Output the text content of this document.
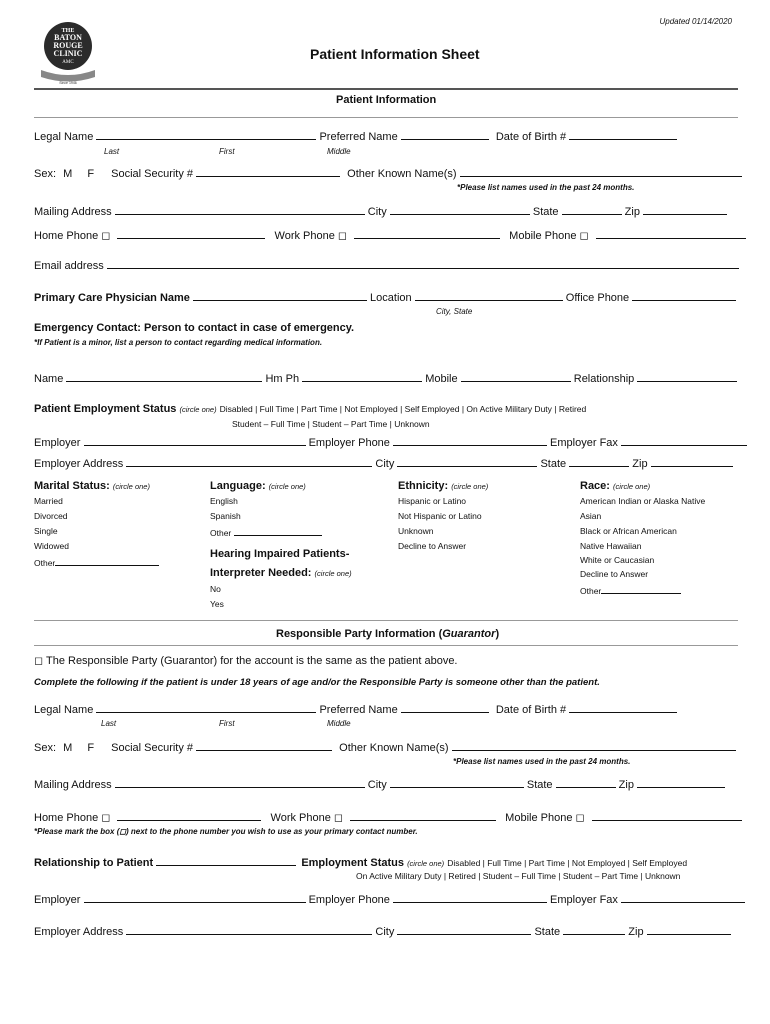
THE
BATON
ROUGE
CLINIC
AMC
Since 1946
Updated 01/14/2020
Patient Information Sheet
Patient Information
Legal Name	Preferred Name	Date of Birth #
Last	First	Middle
Sex: M F Social Security #	Other Known Name(s)
*Please list names used in the past 24 months.
Mailing Address	City	State	Zip
Home Phone ◻	Work Phone ◻	Mobile Phone ◻
Email address
Primary Care Physician Name	Location	Office Phone
City, State
Emergency Contact: Person to contact in case of emergency.
*If Patient is a minor, list a person to contact regarding medical information.
Name	Hm Ph	Mobile	Relationship
Patient Employment Status (circle one) Disabled | Full Time | Part Time | Not Employed | Self Employed | On Active Military Duty | Retired
Student – Full Time | Student – Part Time | Unknown
Employer	Employer Phone	Employer Fax
Employer Address	City	State	Zip
Marital Status: (circle one)
Married
Divorced
Single
Widowed
Other
Language: (circle one)
English
Spanish
Other
Hearing Impaired Patients-
Interpreter Needed: (circle one)
No
Yes
Ethnicity: (circle one)
Hispanic or Latino
Not Hispanic or Latino
Unknown
Decline to Answer
Race: (circle one)
American Indian or Alaska Native
Asian
Black or African American
Native Hawaiian
White or Caucasian
Decline to Answer
Other
Responsible Party Information (Guarantor)
◻ The Responsible Party (Guarantor) for the account is the same as the patient above.
Complete the following if the patient is under 18 years of age and/or the Responsible Party is someone other than the patient.
Legal Name	Preferred Name	Date of Birth #
Last	First	Middle
Sex: M F Social Security #	Other Known Name(s)
*Please list names used in the past 24 months.
Mailing Address	City	State	Zip
Home Phone ◻	Work Phone ◻	Mobile Phone ◻
*Please mark the box (◻) next to the phone number you wish to use as your primary contact number.
Relationship to Patient	Employment Status (circle one) Disabled | Full Time | Part Time | Not Employed | Self Employed
On Active Military Duty | Retired | Student – Full Time | Student – Part Time | Unknown
Employer	Employer Phone	Employer Fax
Employer Address	City	State	Zip
